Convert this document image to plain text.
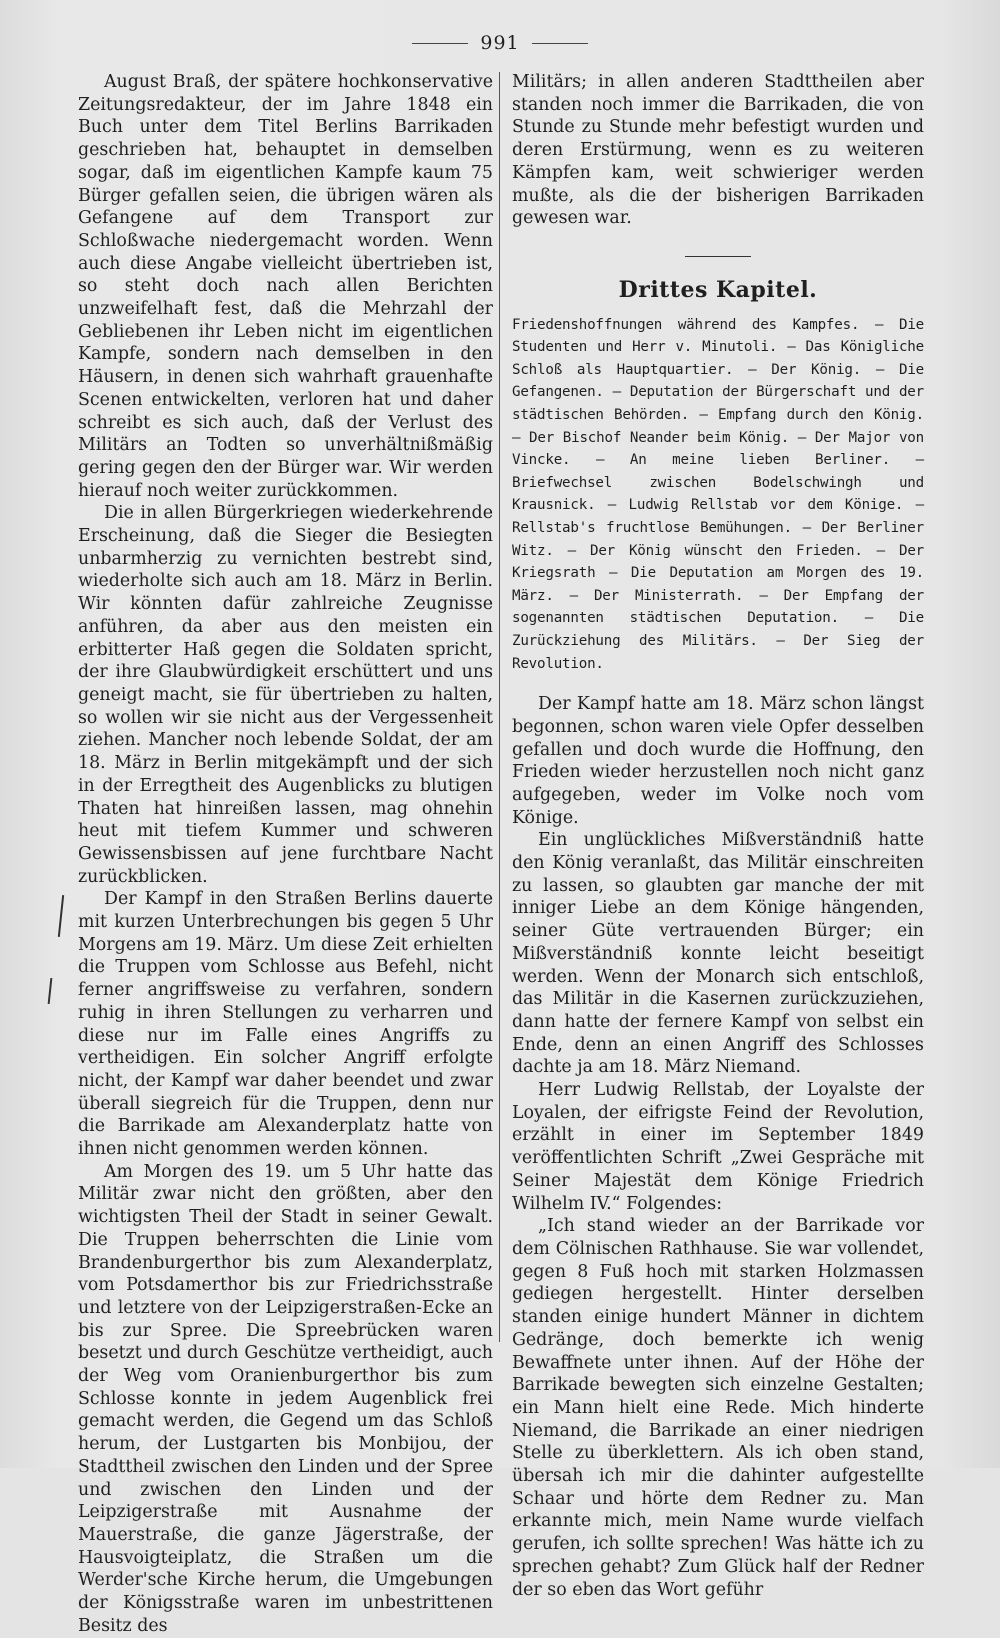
991

August Braß, der spätere hochkonservative Zeitungsredakteur, der im Jahre 1848 ein Buch unter dem Titel Berlins Barrikaden geschrieben hat, behauptet in demselben sogar, daß im eigentlichen Kampfe kaum 75 Bürger gefallen seien, die übrigen wären als Gefangene auf dem Transport zur Schloßwache niedergemacht worden. Wenn auch diese Angabe vielleicht übertrieben ist, so steht doch nach allen Berichten unzweifelhaft fest, daß die Mehrzahl der Gebliebenen ihr Leben nicht im eigentlichen Kampfe, sondern nach demselben in den Häusern, in denen sich wahrhaft grauenhafte Scenen entwickelten, verloren hat und daher schreibt es sich auch, daß der Verlust des Militärs an Todten so unverhältnißmäßig gering gegen den der Bürger war. Wir werden hierauf noch weiter zurückkommen.

Die in allen Bürgerkriegen wiederkehrende Erscheinung, daß die Sieger die Besiegten unbarmherzig zu vernichten bestrebt sind, wiederholte sich auch am 18. März in Berlin. Wir könnten dafür zahlreiche Zeugnisse anführen, da aber aus den meisten ein erbitterter Haß gegen die Soldaten spricht, der ihre Glaubwürdigkeit erschüttert und uns geneigt macht, sie für übertrieben zu halten, so wollen wir sie nicht aus der Vergessenheit ziehen. Mancher noch lebende Soldat, der am 18. März in Berlin mitgekämpft und der sich in der Erregtheit des Augenblicks zu blutigen Thaten hat hinreißen lassen, mag ohnehin heut mit tiefem Kummer und schweren Gewissensbissen auf jene furchtbare Nacht zurückblicken.

Der Kampf in den Straßen Berlins dauerte mit kurzen Unterbrechungen bis gegen 5 Uhr Morgens am 19. März. Um diese Zeit erhielten die Truppen vom Schlosse aus Befehl, nicht ferner angriffsweise zu verfahren, sondern ruhig in ihren Stellungen zu verharren und diese nur im Falle eines Angriffs zu vertheidigen. Ein solcher Angriff erfolgte nicht, der Kampf war daher beendet und zwar überall siegreich für die Truppen, denn nur die Barrikade am Alexanderplatz hatte von ihnen nicht genommen werden können.

Am Morgen des 19. um 5 Uhr hatte das Militär zwar nicht den größten, aber den wichtigsten Theil der Stadt in seiner Gewalt. Die Truppen beherrschten die Linie vom Brandenburgerthor bis zum Alexanderplatz, vom Potsdamerthor bis zur Friedrichsstraße und letztere von der Leipzigerstraßen-Ecke an bis zur Spree. Die Spreebrücken waren besetzt und durch Geschütze vertheidigt, auch der Weg vom Oranienburgerthor bis zum Schlosse konnte in jedem Augenblick frei gemacht werden, die Gegend um das Schloß herum, der Lustgarten bis Monbijou, der Stadttheil zwischen den Linden und der Spree und zwischen den Linden und der Leipzigerstraße mit Ausnahme der Mauerstraße, die ganze Jägerstraße, der Hausvoigteiplatz, die Straßen um die Werder'sche Kirche herum, die Umgebungen der Königsstraße waren im unbestrittenen Besitz des

Militärs; in allen anderen Stadttheilen aber standen noch immer die Barrikaden, die von Stunde zu Stunde mehr befestigt wurden und deren Erstürmung, wenn es zu weiteren Kämpfen kam, weit schwieriger werden mußte, als die der bisherigen Barrikaden gewesen war.

Drittes Kapitel.

Friedenshoffnungen während des Kampfes. — Die Studenten und Herr v. Minutoli. — Das Königliche Schloß als Hauptquartier. — Der König. — Die Gefangenen. — Deputation der Bürgerschaft und der städtischen Behörden. — Empfang durch den König. — Der Bischof Neander beim König. — Der Major von Vincke. — An meine lieben Berliner. — Briefwechsel zwischen Bodelschwingh und Krausnick. — Ludwig Rellstab vor dem Könige. — Rellstab's fruchtlose Bemühungen. — Der Berliner Witz. — Der König wünscht den Frieden. — Der Kriegsrath — Die Deputation am Morgen des 19. März. — Der Ministerrath. — Der Empfang der sogenannten städtischen Deputation. — Die Zurückziehung des Militärs. — Der Sieg der Revolution.

Der Kampf hatte am 18. März schon längst begonnen, schon waren viele Opfer desselben gefallen und doch wurde die Hoffnung, den Frieden wieder herzustellen noch nicht ganz aufgegeben, weder im Volke noch vom Könige.

Ein unglückliches Mißverständniß hatte den König veranlaßt, das Militär einschreiten zu lassen, so glaubten gar manche der mit inniger Liebe an dem Könige hängenden, seiner Güte vertrauenden Bürger; ein Mißverständniß konnte leicht beseitigt werden. Wenn der Monarch sich entschloß, das Militär in die Kasernen zurückzuziehen, dann hatte der fernere Kampf von selbst ein Ende, denn an einen Angriff des Schlosses dachte ja am 18. März Niemand.

Herr Ludwig Rellstab, der Loyalste der Loyalen, der eifrigste Feind der Revolution, erzählt in einer im September 1849 veröffentlichten Schrift „Zwei Gespräche mit Seiner Majestät dem Könige Friedrich Wilhelm IV.“ Folgendes:

„Ich stand wieder an der Barrikade vor dem Cölnischen Rathhause. Sie war vollendet, gegen 8 Fuß hoch mit starken Holzmassen gediegen hergestellt. Hinter derselben standen einige hundert Männer in dichtem Gedränge, doch bemerkte ich wenig Bewaffnete unter ihnen. Auf der Höhe der Barrikade bewegten sich einzelne Gestalten; ein Mann hielt eine Rede. Mich hinderte Niemand, die Barrikade an einer niedrigen Stelle zu überklettern. Als ich oben stand, übersah ich mir die dahinter aufgestellte Schaar und hörte dem Redner zu. Man erkannte mich, mein Name wurde vielfach gerufen, ich sollte sprechen! Was hätte ich zu sprechen gehabt? Zum Glück half der Redner der so eben das Wort geführ
